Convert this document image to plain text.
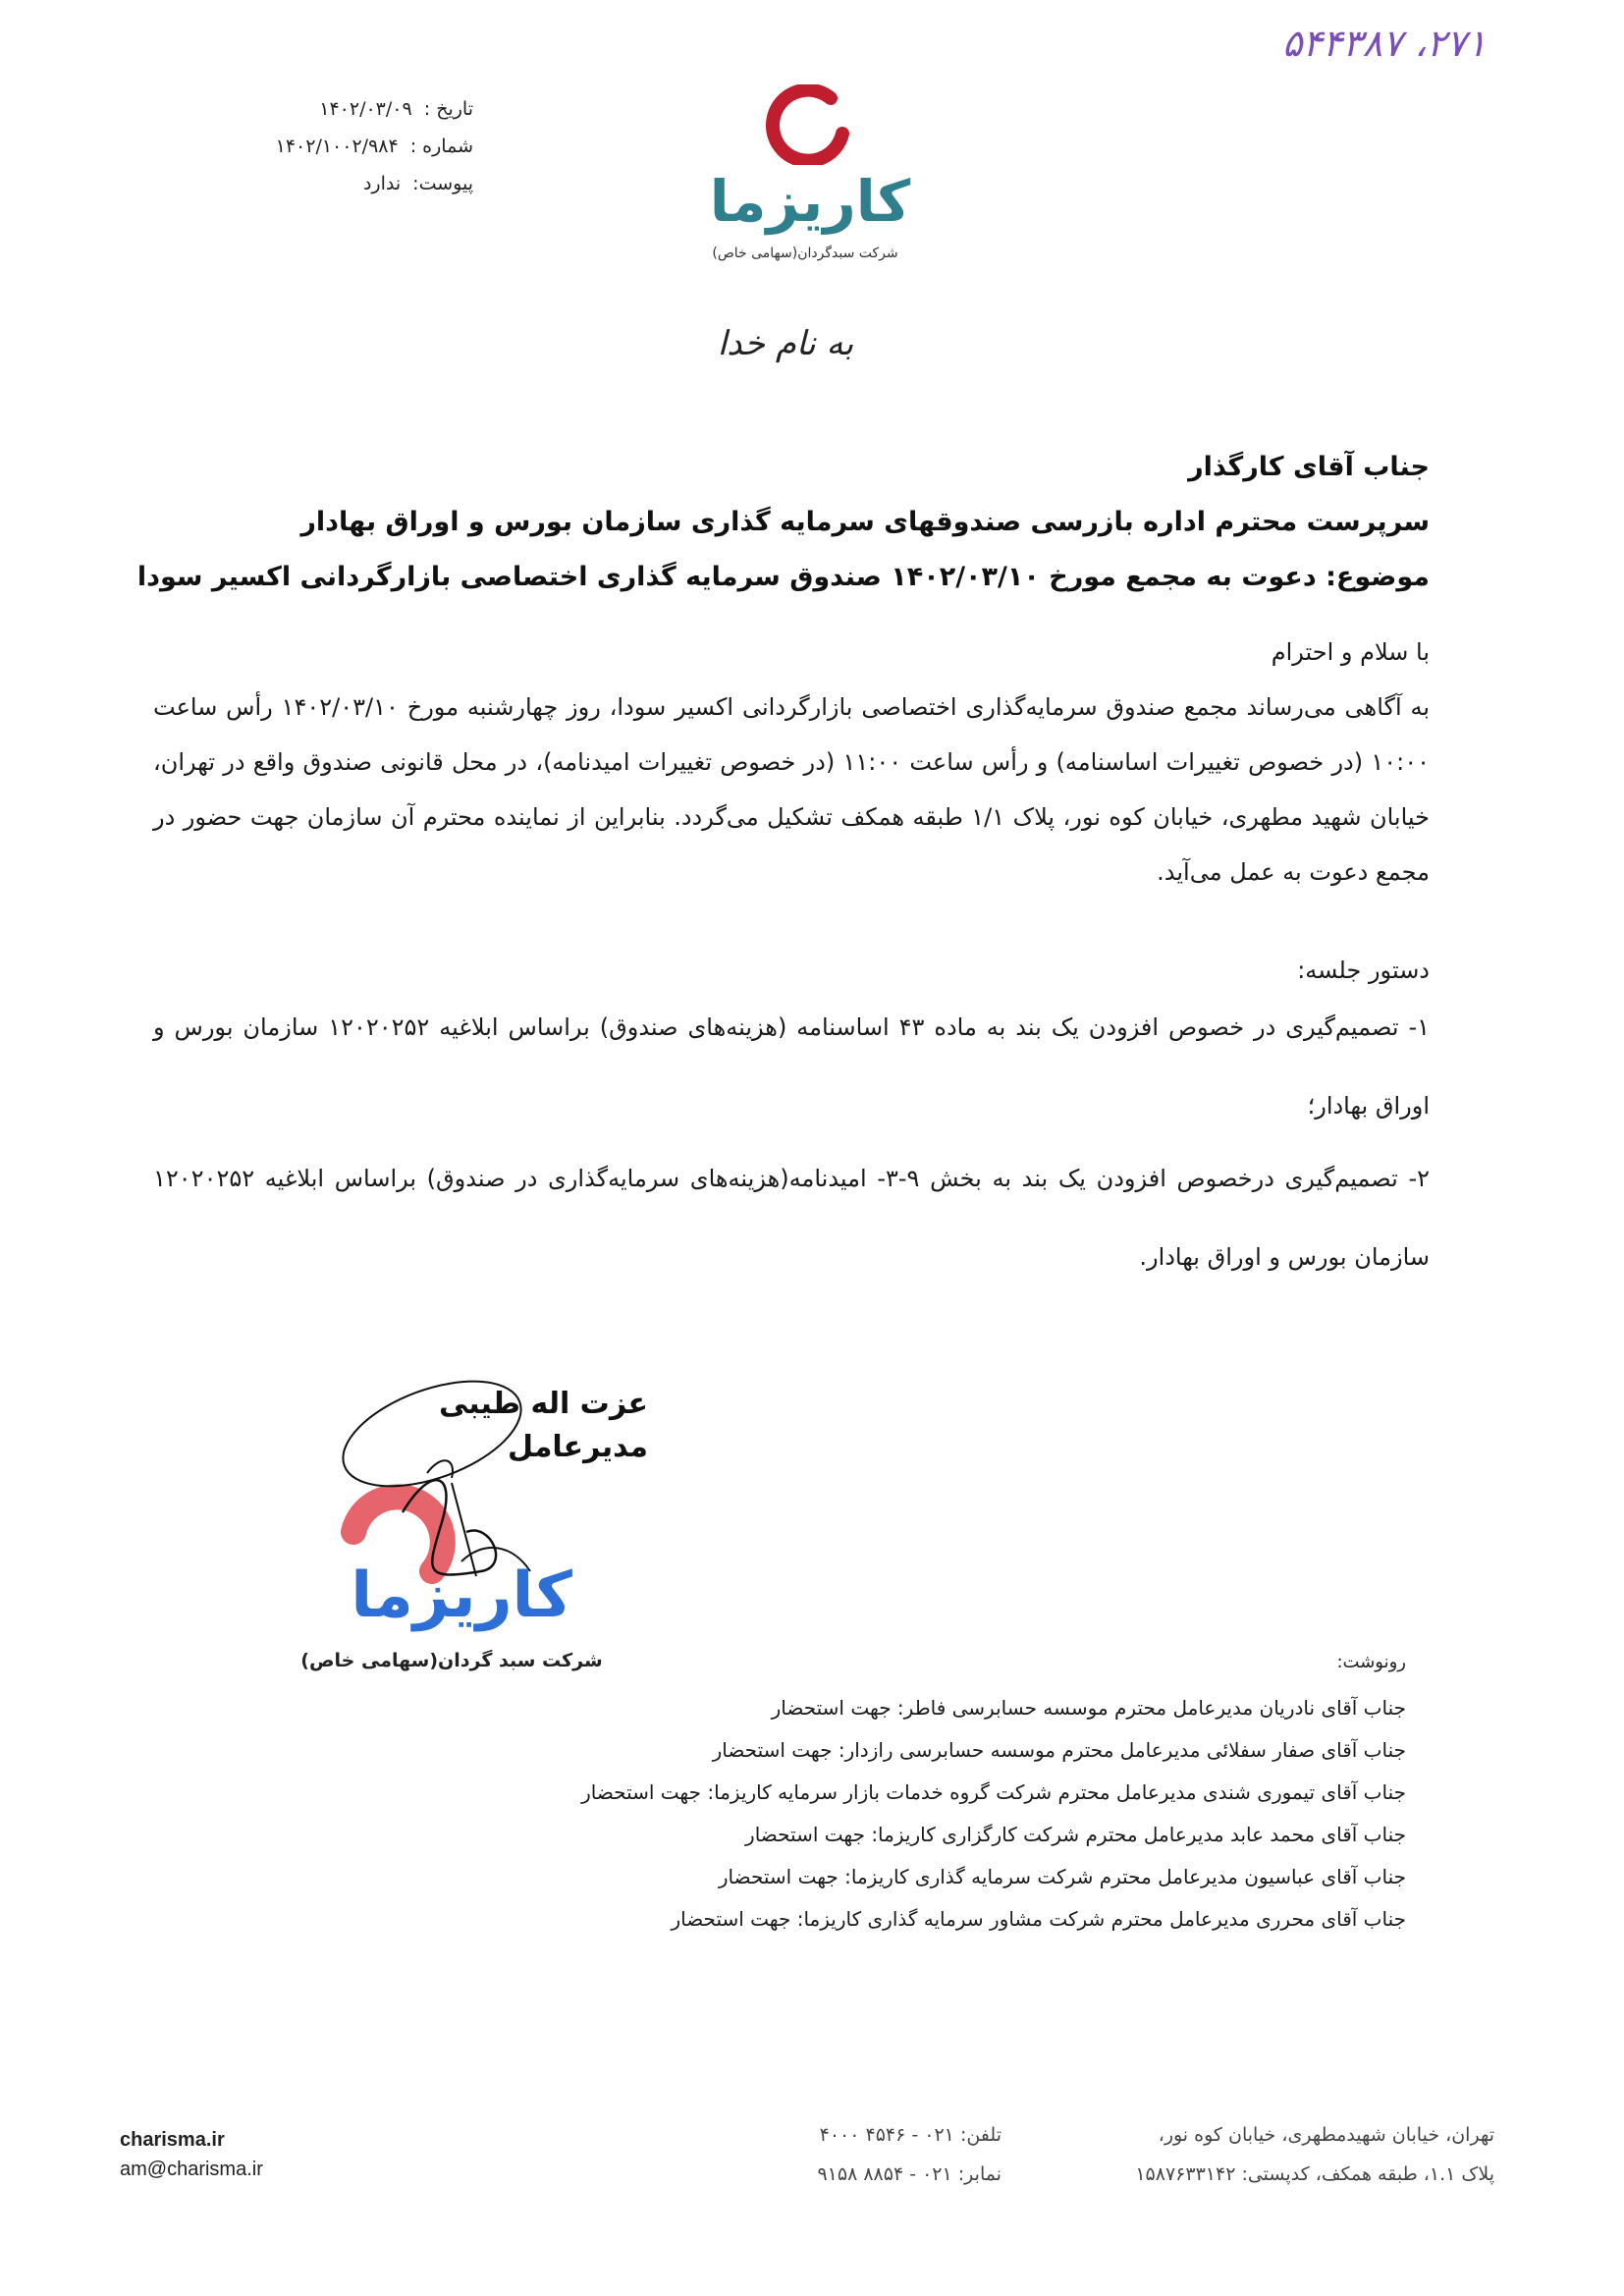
۲۷۱، ۵۴۴۳۸۷
تاریخ : ۱۴۰۲/۰۳/۰۹
شماره : ۱۴۰۲/۱۰۰۲/۹۸۴
پیوست: ندارد	کاریزما
شرکت سبدگردان(سهامی خاص)
به نام خدا
جناب آقای کارگذار
سرپرست محترم اداره بازرسی صندوقهای سرمایه گذاری سازمان بورس و اوراق بهادار
موضوع: دعوت به مجمع مورخ ۱۴۰۲/۰۳/۱۰ صندوق سرمایه گذاری اختصاصی بازارگردانی اکسیر سودا
با سلام و احترام
به آگاهی می‌رساند مجمع صندوق سرمایه‌گذاری اختصاصی بازارگردانی اکسیر سودا، روز چهارشنبه مورخ ۱۴۰۲/۰۳/۱۰ رأس ساعت ۱۰:۰۰ (در خصوص تغییرات اساسنامه) و رأس ساعت ۱۱:۰۰ (در خصوص تغییرات امیدنامه)، در محل قانونی صندوق واقع در تهران، خیابان شهید مطهری، خیابان کوه نور، پلاک ۱/۱ طبقه همکف تشکیل می‌گردد. بنابراین از نماینده محترم آن سازمان جهت حضور در مجمع دعوت به عمل می‌آید.
دستور جلسه:
۱- تصمیم‌گیری در خصوص افزودن یک بند به ماده ۴۳ اساسنامه (هزینه‌های صندوق) براساس ابلاغیه ۱۲۰۲۰۲۵۲ سازمان بورس و اوراق بهادار؛
۲- تصمیم‌گیری درخصوص افزودن یک بند به بخش ۹-۳- امیدنامه(هزینه‌های سرمایه‌گذاری در صندوق) براساس ابلاغیه ۱۲۰۲۰۲۵۲ سازمان بورس و اوراق بهادار.
عزت اله طیبی
مدیرعامل
کاریزما
شرکت سبد گردان(سهامی خاص)	رونوشت:
جناب آقای نادریان مدیرعامل محترم موسسه حسابرسی فاطر: جهت استحضار
جناب آقای صفار سفلائی مدیرعامل محترم موسسه حسابرسی رازدار: جهت استحضار
جناب آقای تیموری شندی مدیرعامل محترم شرکت گروه خدمات بازار سرمایه کاریزما: جهت استحضار
جناب آقای محمد عابد مدیرعامل محترم شرکت کارگزاری کاریزما: جهت استحضار
جناب آقای عباسیون مدیرعامل محترم شرکت سرمایه گذاری کاریزما: جهت استحضار
جناب آقای محرری مدیرعامل محترم شرکت مشاور سرمایه گذاری کاریزما: جهت استحضار
charisma.ir
am@charisma.ir
تلفن: ۰۲۱ - ۴۵۴۶ ۴۰۰۰
نمابر: ۰۲۱ - ۸۸۵۴ ۹۱۵۸
تهران، خیابان شهیدمطهری، خیابان کوه نور،
پلاک ۱.۱، طبقه همکف، کدپستی: ۱۵۸۷۶۳۳۱۴۲
